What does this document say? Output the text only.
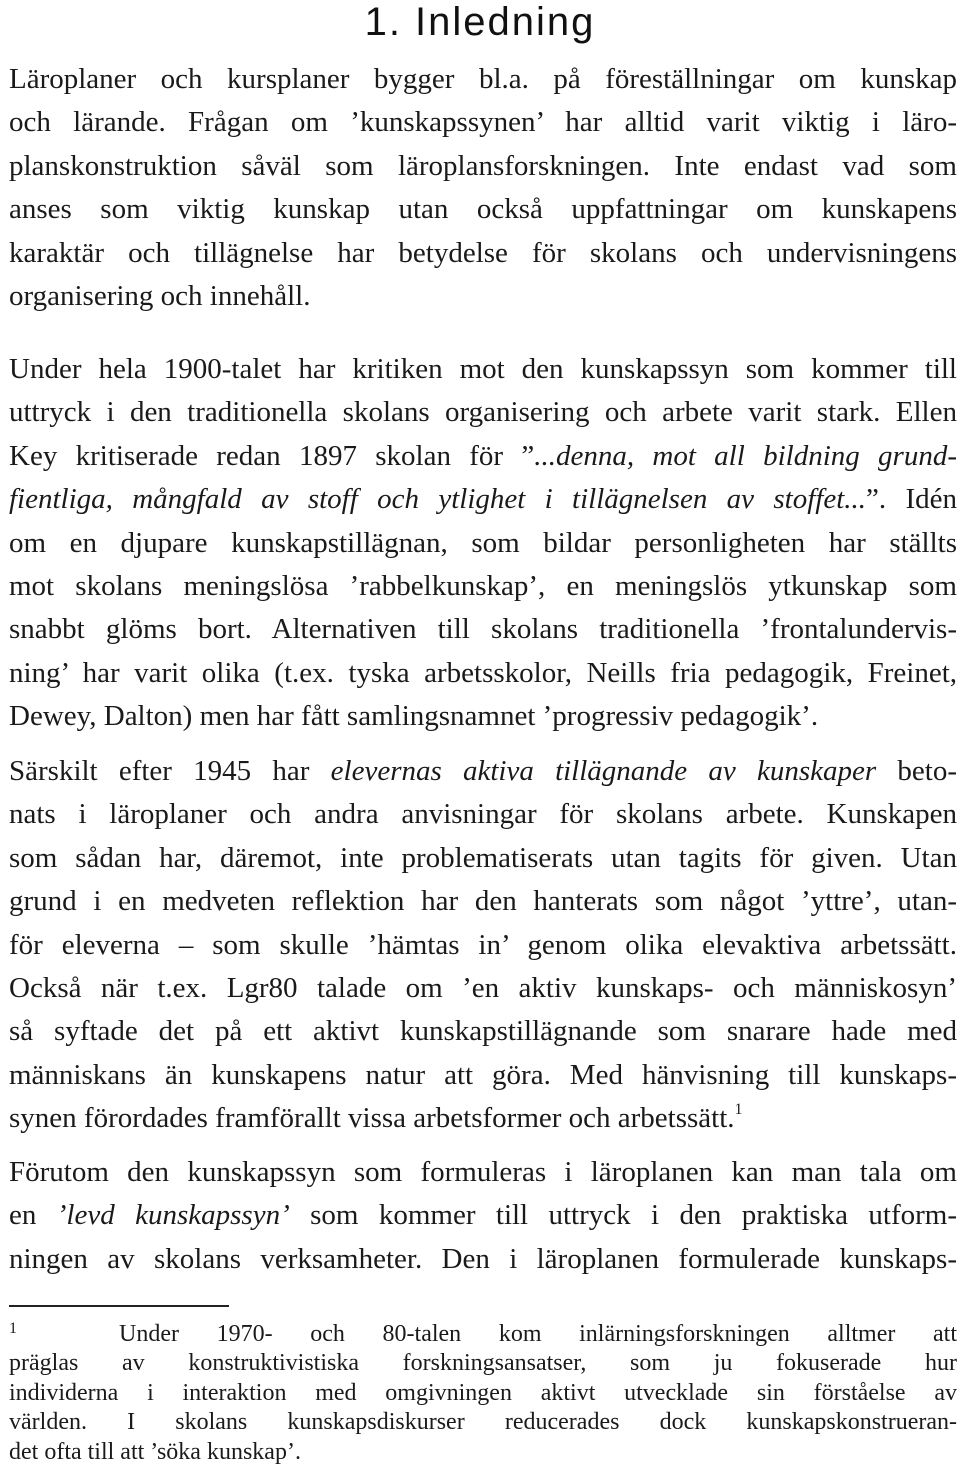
1. Inledning
Läroplaner och kursplaner bygger bl.a. på föreställningar om kunskap
och lärande. Frågan om ’kunskapssynen’ har alltid varit viktig i läro-
planskonstruktion såväl som läroplansforskningen. Inte endast vad som
anses som viktig kunskap utan också uppfattningar om kunskapens
karaktär och tillägnelse har betydelse för skolans och undervisningens
organisering och innehåll.
Under hela 1900-talet har kritiken mot den kunskapssyn som kommer till
uttryck i den traditionella skolans organisering och arbete varit stark. Ellen
Key kritiserade redan 1897 skolan för ”...denna, mot all bildning grund-
fientliga, mångfald av stoff och ytlighet i tillägnelsen av stoffet...”. Idén
om en djupare kunskapstillägnan, som bildar personligheten har ställts
mot skolans meningslösa ’rabbelkunskap’, en meningslös ytkunskap som
snabbt glöms bort. Alternativen till skolans traditionella ’frontalundervis-
ning’ har varit olika (t.ex. tyska arbetsskolor, Neills fria pedagogik, Freinet,
Dewey, Dalton) men har fått samlingsnamnet ’progressiv pedagogik’.
Särskilt efter 1945 har elevernas aktiva tillägnande av kunskaper beto-
nats i läroplaner och andra anvisningar för skolans arbete. Kunskapen
som sådan har, däremot, inte problematiserats utan tagits för given. Utan
grund i en medveten reflektion har den hanterats som något ’yttre’, utan-
för eleverna – som skulle ’hämtas in’ genom olika elevaktiva arbetssätt.
Också när t.ex. Lgr80 talade om ’en aktiv kunskaps- och människosyn’
så syftade det på ett aktivt kunskapstillägnande som snarare hade med
människans än kunskapens natur att göra. Med hänvisning till kunskaps-
synen förordades framförallt vissa arbetsformer och arbetssätt.$^1$
Förutom den kunskapssyn som formuleras i läroplanen kan man tala om
en ’levd kunskapssyn’ som kommer till uttryck i den praktiska utform-
ningen av skolans verksamheter. Den i läroplanen formulerade kunskaps-
1	Under 1970- och 80-talen kom inlärningsforskningen alltmer att
präglas av konstruktivistiska forskningsansatser, som ju fokuserade hur
individerna i interaktion med omgivningen aktivt utvecklade sin förståelse av
världen. I skolans kunskapsdiskurser reducerades dock kunskapskonstrueran-
det ofta till att ’söka kunskap’.
